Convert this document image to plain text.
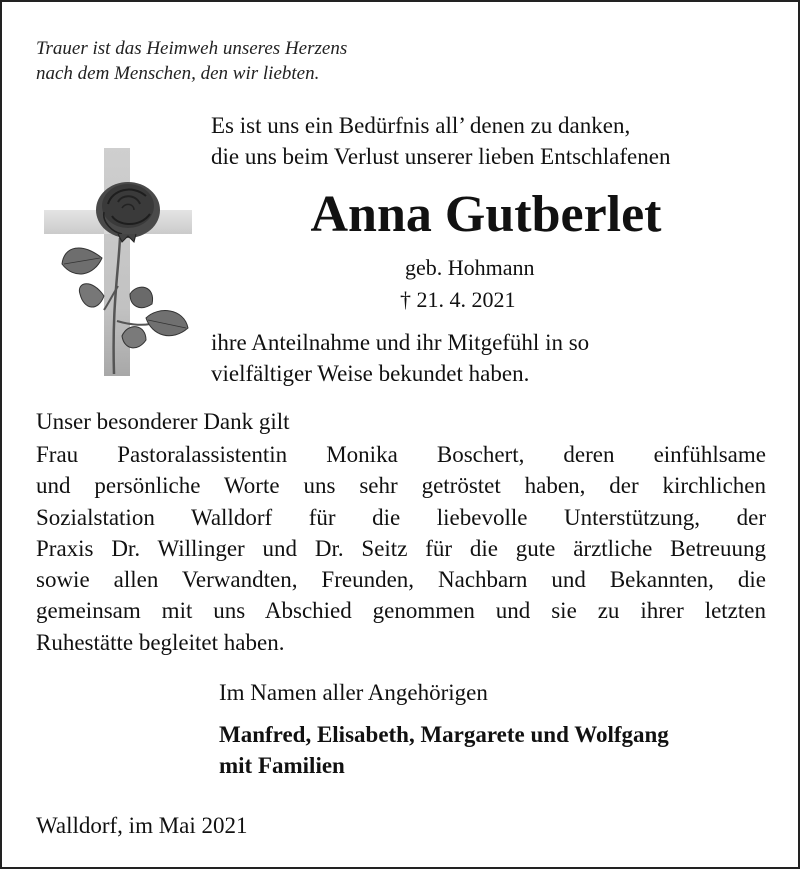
Trauer ist das Heimweh unseres Herzens
nach dem Menschen, den wir liebten.
Es ist uns ein Bedürfnis all’ denen zu danken,
die uns beim Verlust unserer lieben Entschlafenen
Anna Gutberlet
geb. Hohmann
† 21. 4. 2021
ihre Anteilnahme und ihr Mitgefühl in so
vielfältiger Weise bekundet haben.
Unser besonderer Dank gilt
Frau Pastoralassistentin Monika Boschert, deren einfühlsame
und persönliche Worte uns sehr getröstet haben, der kirchlichen
Sozialstation Walldorf für die liebevolle Unterstützung, der
Praxis Dr. Willinger und Dr. Seitz für die gute ärztliche Betreuung
sowie allen Verwandten, Freunden, Nachbarn und Bekannten, die
gemeinsam mit uns Abschied genommen und sie zu ihrer letzten
Ruhestätte begleitet haben.
Im Namen aller Angehörigen
Manfred, Elisabeth, Margarete und Wolfgang
mit Familien
Walldorf, im Mai 2021
